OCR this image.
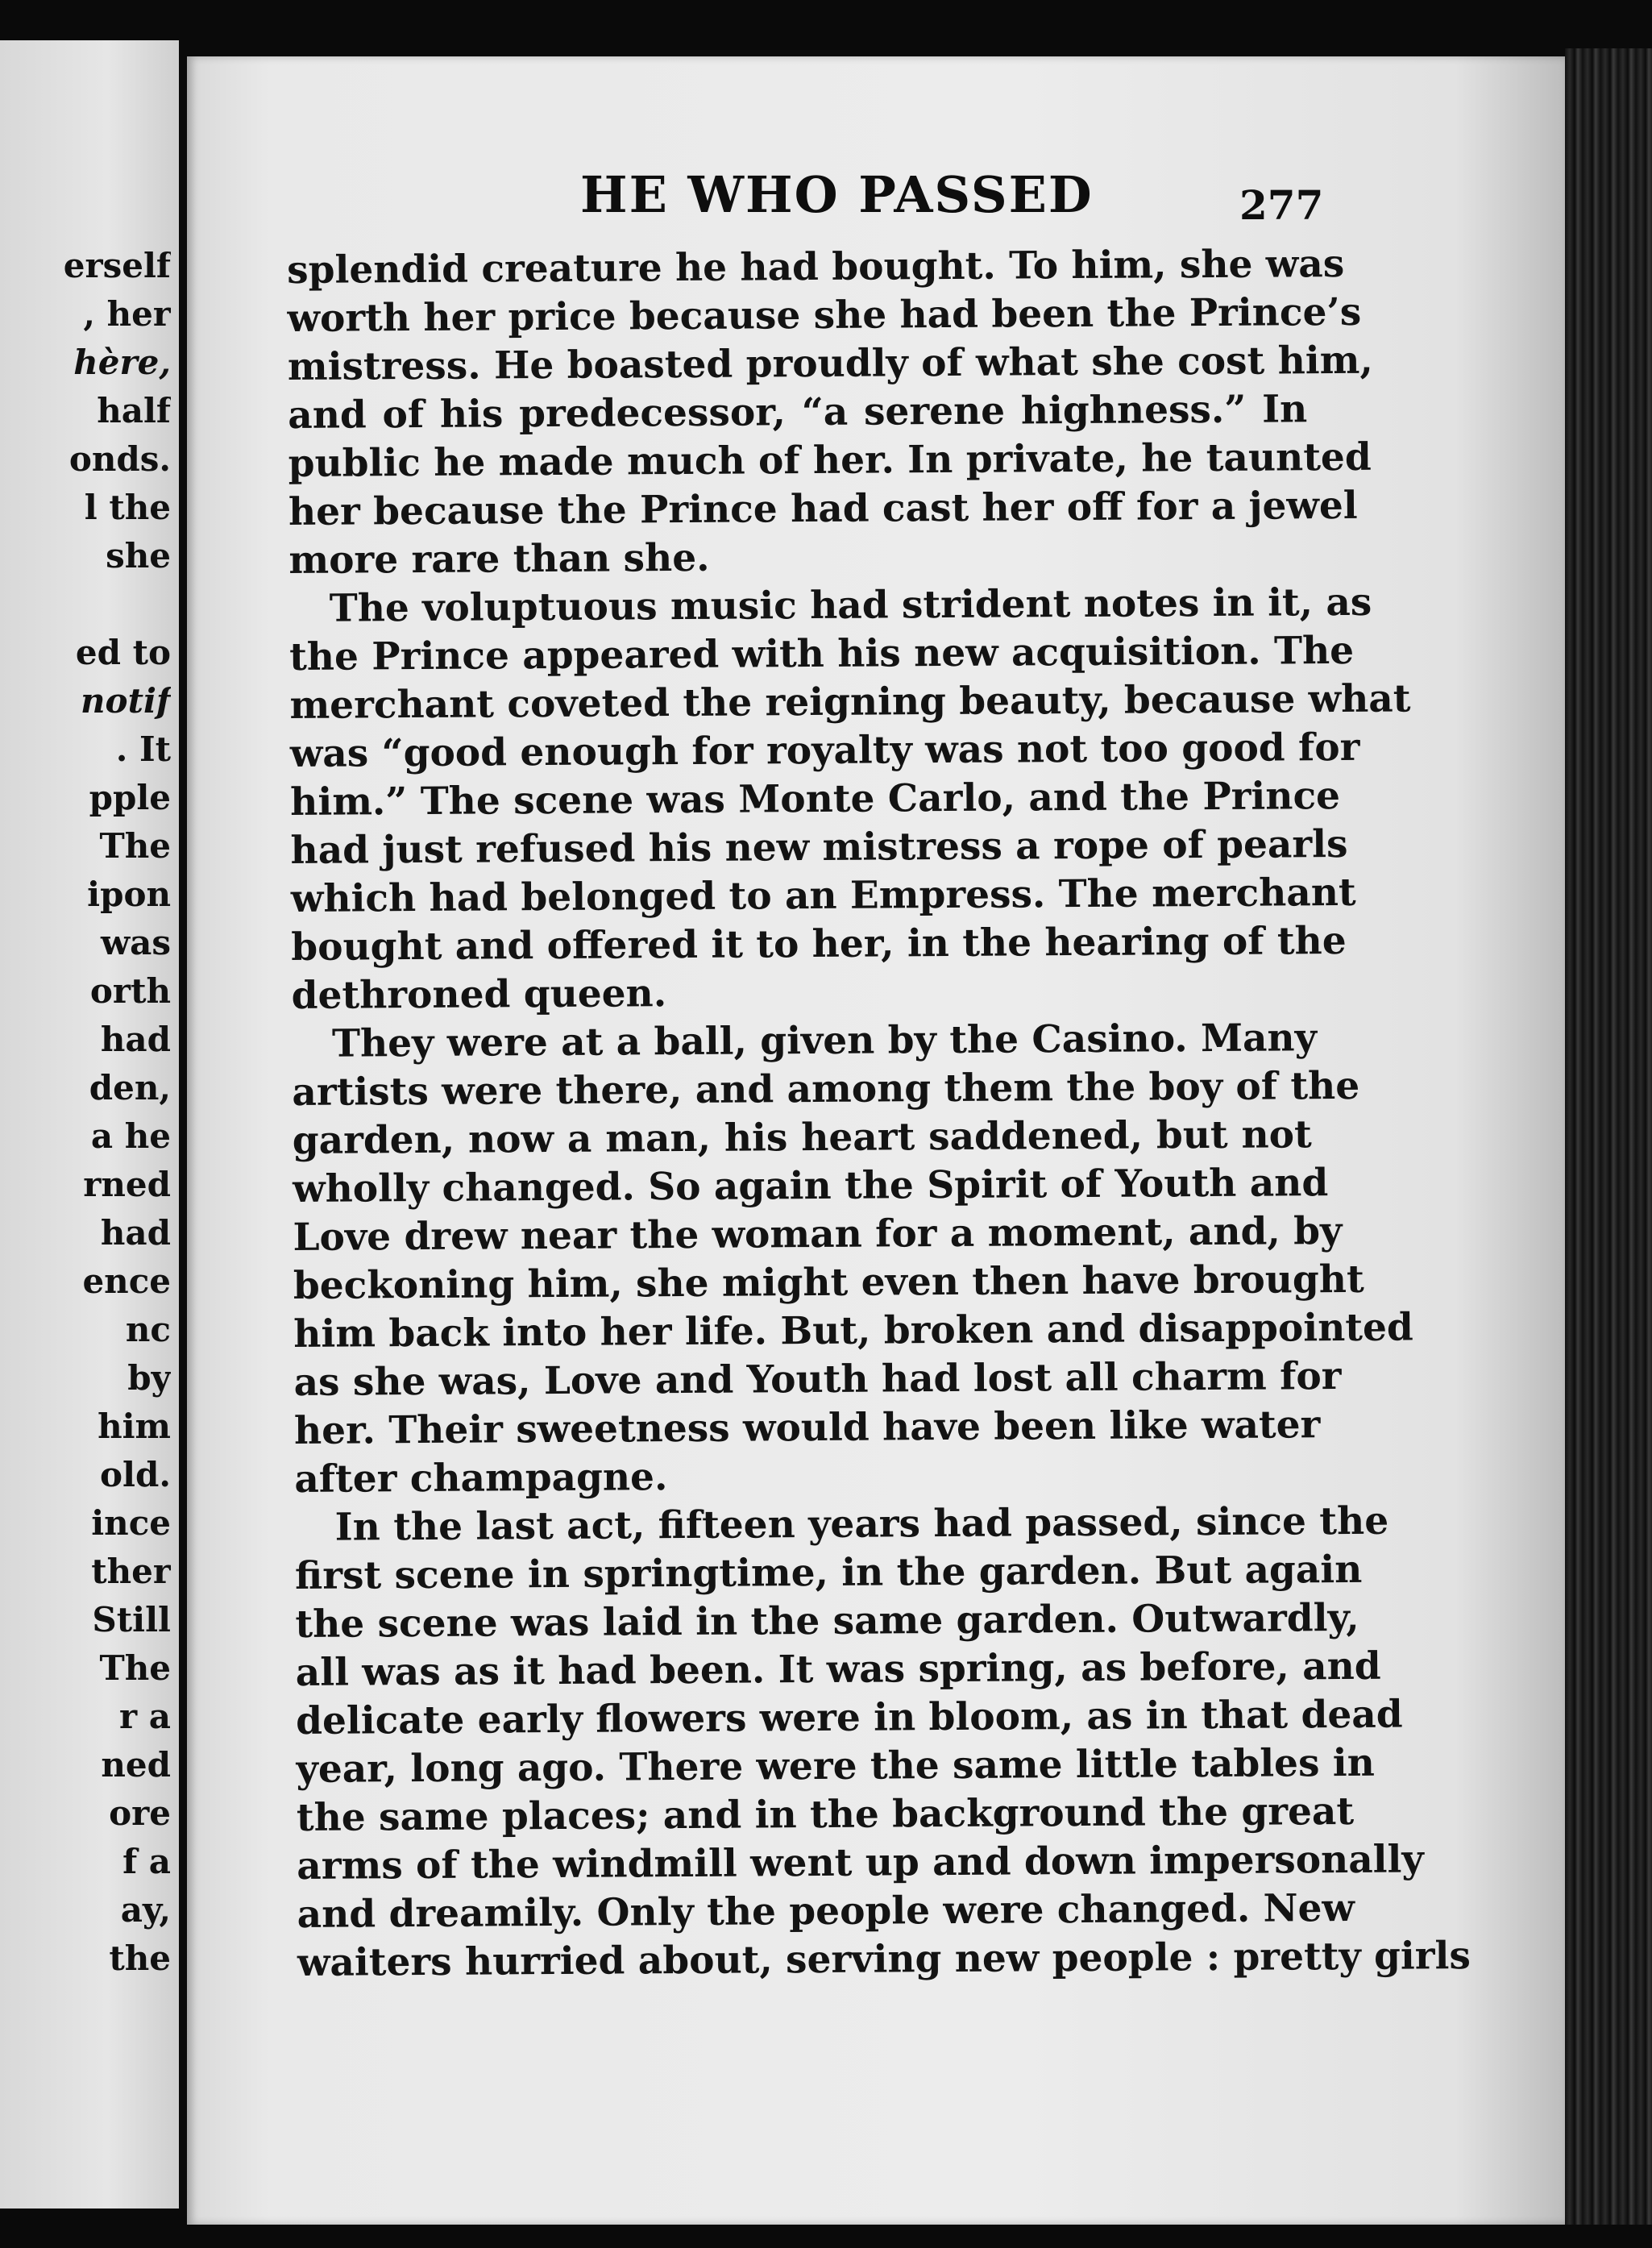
erself
, her
hère,
half
onds.
l the
she
ed to
notif
. It
pple
The
ipon
was
orth
had
den,
a he
rned
had
ence
nc
by
him
old.
ince
ther
Still
The
r a
ned
ore
f a
ay,
the
HE WHO PASSED	277
splendid creature he had bought. To him, she was
worth her price because she had been the Prince’s
mistress. He boasted proudly of what she cost him,
and of his predecessor, “a serene highness.” In
public he made much of her. In private, he taunted
her because the Prince had cast her off for a jewel
more rare than she.
The voluptuous music had strident notes in it, as
the Prince appeared with his new acquisition. The
merchant coveted the reigning beauty, because what
was “good enough for royalty was not too good for
him.” The scene was Monte Carlo, and the Prince
had just refused his new mistress a rope of pearls
which had belonged to an Empress. The merchant
bought and offered it to her, in the hearing of the
dethroned queen.
They were at a ball, given by the Casino. Many
artists were there, and among them the boy of the
garden, now a man, his heart saddened, but not
wholly changed. So again the Spirit of Youth and
Love drew near the woman for a moment, and, by
beckoning him, she might even then have brought
him back into her life. But, broken and disappointed
as she was, Love and Youth had lost all charm for
her. Their sweetness would have been like water
after champagne.
In the last act, fifteen years had passed, since the
first scene in springtime, in the garden. But again
the scene was laid in the same garden. Outwardly,
all was as it had been. It was spring, as before, and
delicate early flowers were in bloom, as in that dead
year, long ago. There were the same little tables in
the same places; and in the background the great
arms of the windmill went up and down impersonally
and dreamily. Only the people were changed. New
waiters hurried about, serving new people : pretty girls
